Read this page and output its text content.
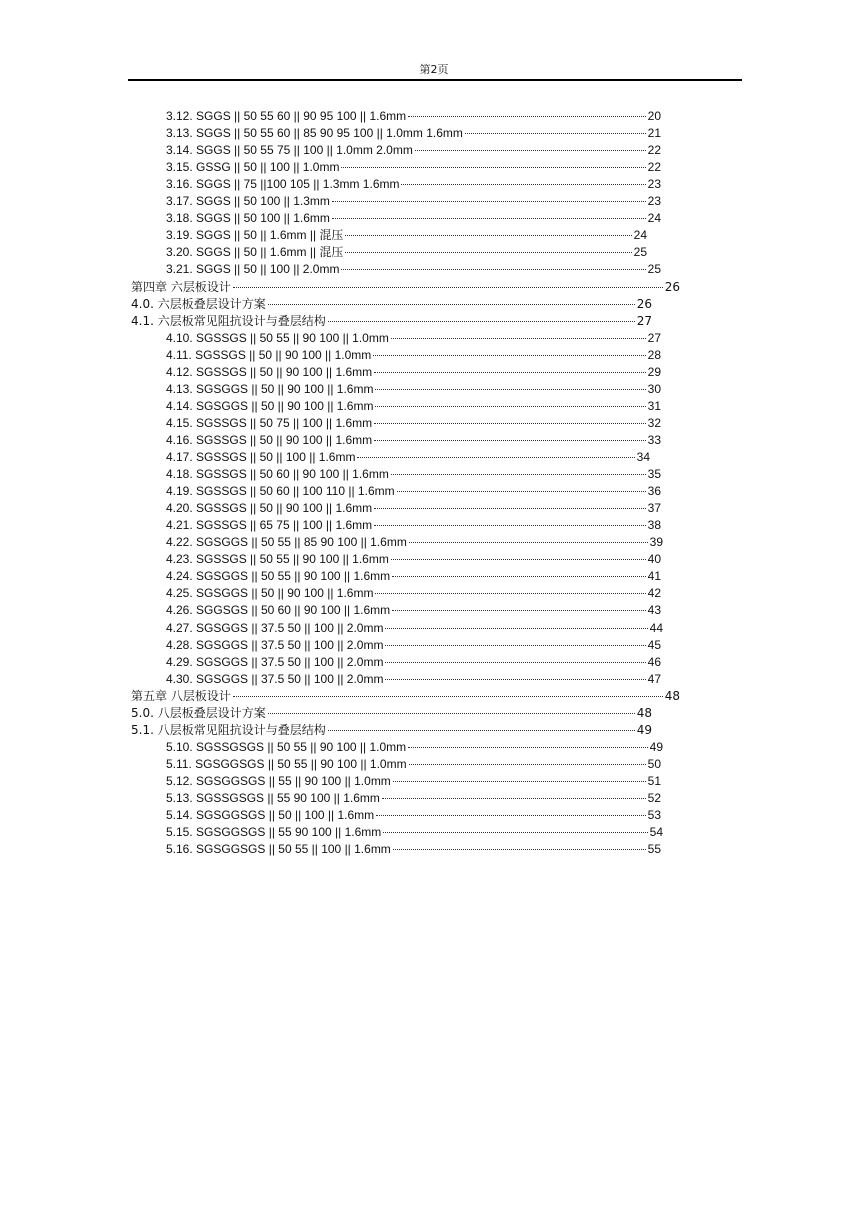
第2页
3.12. SGGS || 50 55 60 || 90 95 100 || 1.6mm	20
3.13. SGGS || 50 55 60 || 85 90 95 100 || 1.0mm 1.6mm	21
3.14. SGGS || 50 55 75 || 100 || 1.0mm 2.0mm	22
3.15. GSSG || 50 || 100 || 1.0mm	22
3.16. SGGS || 75 ||100 105 || 1.3mm 1.6mm	23
3.17. SGGS || 50 100 || 1.3mm	23
3.18. SGGS || 50 100 || 1.6mm	24
3.19. SGGS || 50 || 1.6mm || 混压	24
3.20. SGGS || 50 || 1.6mm || 混压	25
3.21. SGGS || 50 || 100 || 2.0mm	25
第四章 六层板设计	26
4.0. 六层板叠层设计方案	26
4.1. 六层板常见阻抗设计与叠层结构	27
4.10. SGSSGS || 50 55 || 90 100 || 1.0mm	27
4.11. SGSSGS || 50 || 90 100 || 1.0mm	28
4.12. SGSSGS || 50 || 90 100 || 1.6mm	29
4.13. SGSGGS || 50 || 90 100 || 1.6mm	30
4.14. SGSGGS || 50 || 90 100 || 1.6mm	31
4.15. SGSSGS || 50 75 || 100 || 1.6mm	32
4.16. SGSSGS || 50 || 90 100 || 1.6mm	33
4.17. SGSSGS || 50 || 100 || 1.6mm	34
4.18. SGSSGS || 50 60 || 90 100 || 1.6mm	35
4.19. SGSSGS || 50 60 || 100 110 || 1.6mm	36
4.20. SGSSGS || 50 || 90 100 || 1.6mm	37
4.21. SGSSGS || 65 75 || 100 || 1.6mm	38
4.22. SGSGGS || 50 55 || 85 90 100 || 1.6mm	39
4.23. SGSSGS || 50 55 || 90 100 || 1.6mm	40
4.24. SGSGGS || 50 55 || 90 100 || 1.6mm	41
4.25. SGSGGS || 50 || 90 100 || 1.6mm	42
4.26. SGGSGS || 50 60 || 90 100 || 1.6mm	43
4.27. SGSGGS || 37.5 50 || 100 || 2.0mm	44
4.28. SGSGGS || 37.5 50 || 100 || 2.0mm	45
4.29. SGSGGS || 37.5 50 || 100 || 2.0mm	46
4.30. SGSGGS || 37.5 50 || 100 || 2.0mm	47
第五章 八层板设计	48
5.0. 八层板叠层设计方案	48
5.1. 八层板常见阻抗设计与叠层结构	49
5.10. SGSSGSGS || 50 55 || 90 100 || 1.0mm	49
5.11. SGSGGSGS || 50 55 || 90 100 || 1.0mm	50
5.12. SGSGGSGS || 55 || 90 100 || 1.0mm	51
5.13. SGSSGSGS || 55 90 100 || 1.6mm	52
5.14. SGSGGSGS || 50 || 100 || 1.6mm	53
5.15. SGSGGSGS || 55 90 100 || 1.6mm	54
5.16. SGSGGSGS || 50 55 || 100 || 1.6mm	55
